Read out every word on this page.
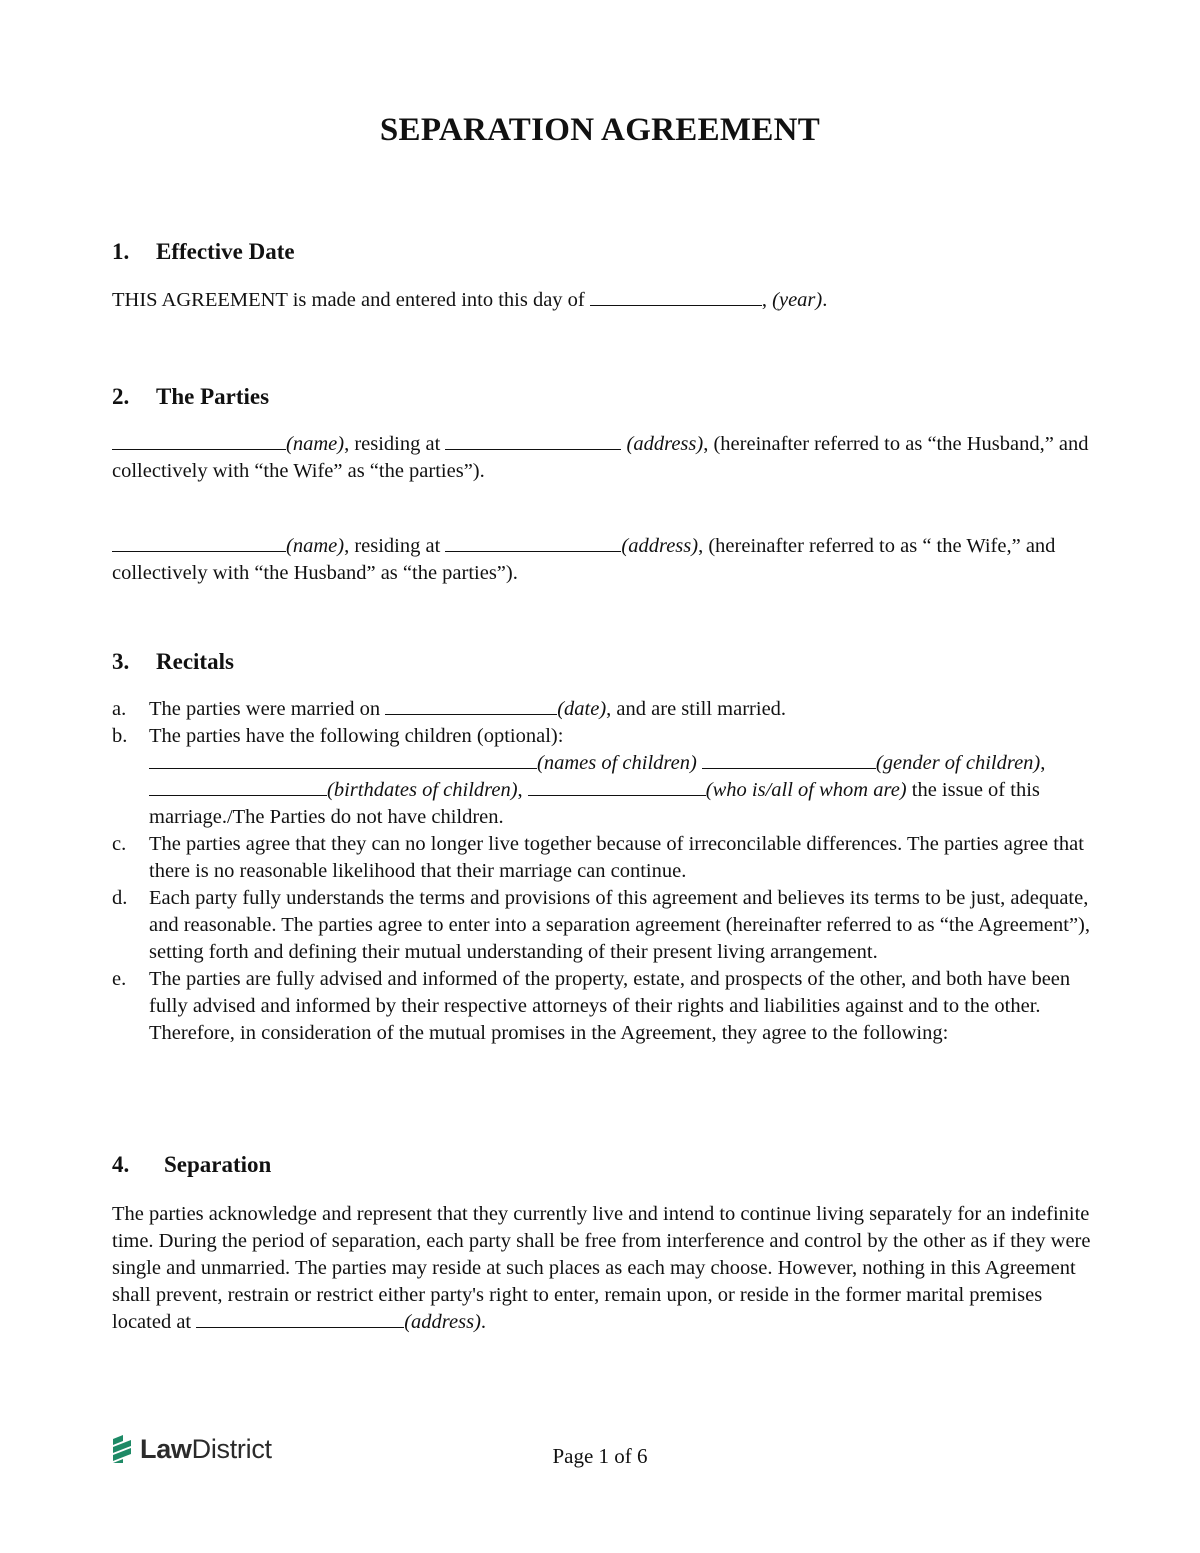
SEPARATION AGREEMENT
1. Effective Date

THIS AGREEMENT is made and entered into this day of	, (year).

2. The Parties

(name), residing at	(address), (hereinafter referred to as “the Husband,” and collectively with “the Wife” as “the parties”).

(name), residing at	(address), (hereinafter referred to as “ the Wife,” and collectively with “the Husband” as “the parties”).

3. Recitals
a. The parties were married on	(date), and are still married.
b. The parties have the following children (optional):
(names of children)	(gender of children), (birthdates of children),	(who is/all of whom are) the issue of this marriage./The Parties do not have children.
c. The parties agree that they can no longer live together because of irreconcilable differences. The parties agree that there is no reasonable likelihood that their marriage can continue.
d. Each party fully understands the terms and provisions of this agreement and believes its terms to be just, adequate, and reasonable. The parties agree to enter into a separation agreement (hereinafter referred to as “the Agreement”), setting forth and defining their mutual understanding of their present living arrangement.
e. The parties are fully advised and informed of the property, estate, and prospects of the other, and both have been fully advised and informed by their respective attorneys of their rights and liabilities against and to the other. Therefore, in consideration of the mutual promises in the Agreement, they agree to the following:
4. Separation

The parties acknowledge and represent that they currently live and intend to continue living separately for an indefinite time. During the period of separation, each party shall be free from interference and control by the other as if they were single and unmarried. The parties may reside at such places as each may choose. However, nothing in this Agreement shall prevent, restrain or restrict either party's right to enter, remain upon, or reside in the former marital premises located at	(address).

LawDistrict	Page 1 of 6
